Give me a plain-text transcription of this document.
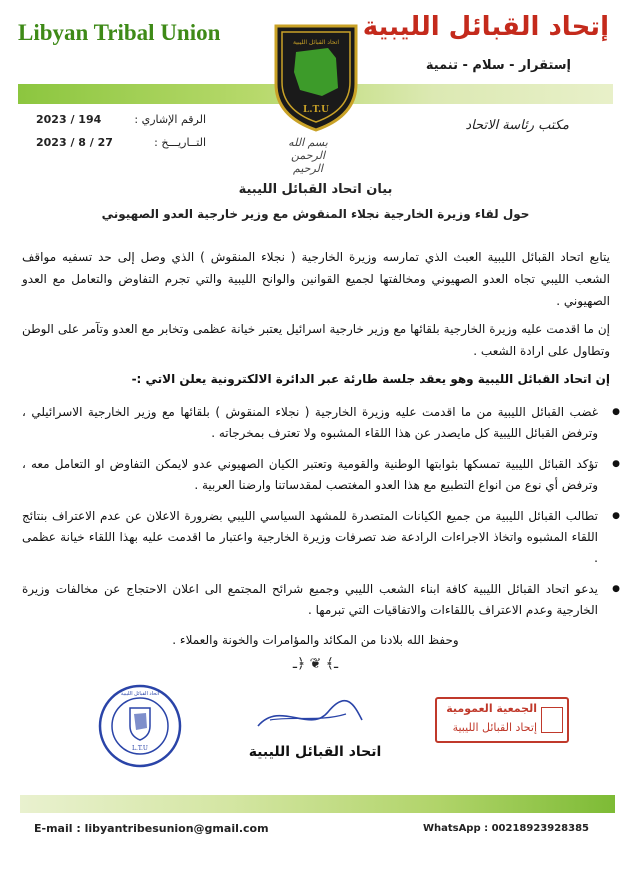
Libyan Tribal Union	إتحاد القبائل الليبية
إستقرار - سلام - تنمية
اتحاد القبائل الليبية
L.T.U
بسم الله الرحمن الرحيم
الرقم الإشاري :
2023 / 194
التــاريـــخ :
2023 / 8 / 27
مكتب رئاسة الاتحاد
بيان اتحاد القبائل الليبية
حول لقاء وزيرة الخارجية نجلاء المنقوش مع وزير خارجية العدو الصهيوني
يتابع اتحاد القبائل الليبية العبث الذي تمارسه وزيرة الخارجية ( نجلاء المنقوش ) الذي وصل إلى حد تسفيه مواقف الشعب الليبي تجاه العدو الصهيوني ومخالفتها لجميع القوانين والوانح الليبية والتي تجرم التفاوض والتعامل مع العدو الصهيوني .
إن ما اقدمت عليه وزيرة الخارجية بلقائها مع وزير خارجية اسرائيل يعتبر خيانة عظمى وتخابر مع العدو وتآمر على الوطن وتطاول على ارادة الشعب .
إن اتحاد القبائل الليبية وهو يعقد جلسة طارئة عبر الدائرة الالكترونية يعلن الاتي :-
● غضب القبائل الليبية من ما اقدمت عليه وزيرة الخارجية ( نجلاء المنقوش ) بلقائها مع وزير الخارجية الاسرائيلي ، وترفض القبائل الليبية كل مايصدر عن هذا اللقاء المشبوه ولا تعترف بمخرجاته .
● تؤكد القبائل الليبية تمسكها بثوابتها الوطنية والقومية وتعتبر الكيان الصهيوني عدو لايمكن التفاوض او التعامل معه ، وترفض أي نوع من انواع التطبيع مع هذا العدو المغتصب لمقدساتنا وارضنا العربية .
● تطالب القبائل الليبية من جميع الكيانات المتصدرة للمشهد السياسي الليبي بضرورة الاعلان عن عدم الاعتراف بنتائج اللقاء المشبوه واتخاذ الاجراءات الرادعة ضد تصرفات وزيرة الخارجية واعتبار ما اقدمت عليه بهذا اللقاء خيانة عظمى .
● يدعو اتحاد القبائل الليبية كافة ابناء الشعب الليبي وجميع شرائح المجتمع الى اعلان الاحتجاج عن مخالفات وزيرة الخارجية وعدم الاعتراف باللقاءات والاتفاقيات التي تبرمها .
وحفظ الله بلادنا من المكائد والمؤامرات والخونة والعملاء .
ـ﴾ ❦ ﴿ـ
L.T.U
اتحاد القبائل الليبية
اتحاد القبائل الليبية
الجمعية العمومية
إتحاد القبائل الليبية
E-mail : libyantribesunion@gmail.com	WhatsApp : 00218923928385
